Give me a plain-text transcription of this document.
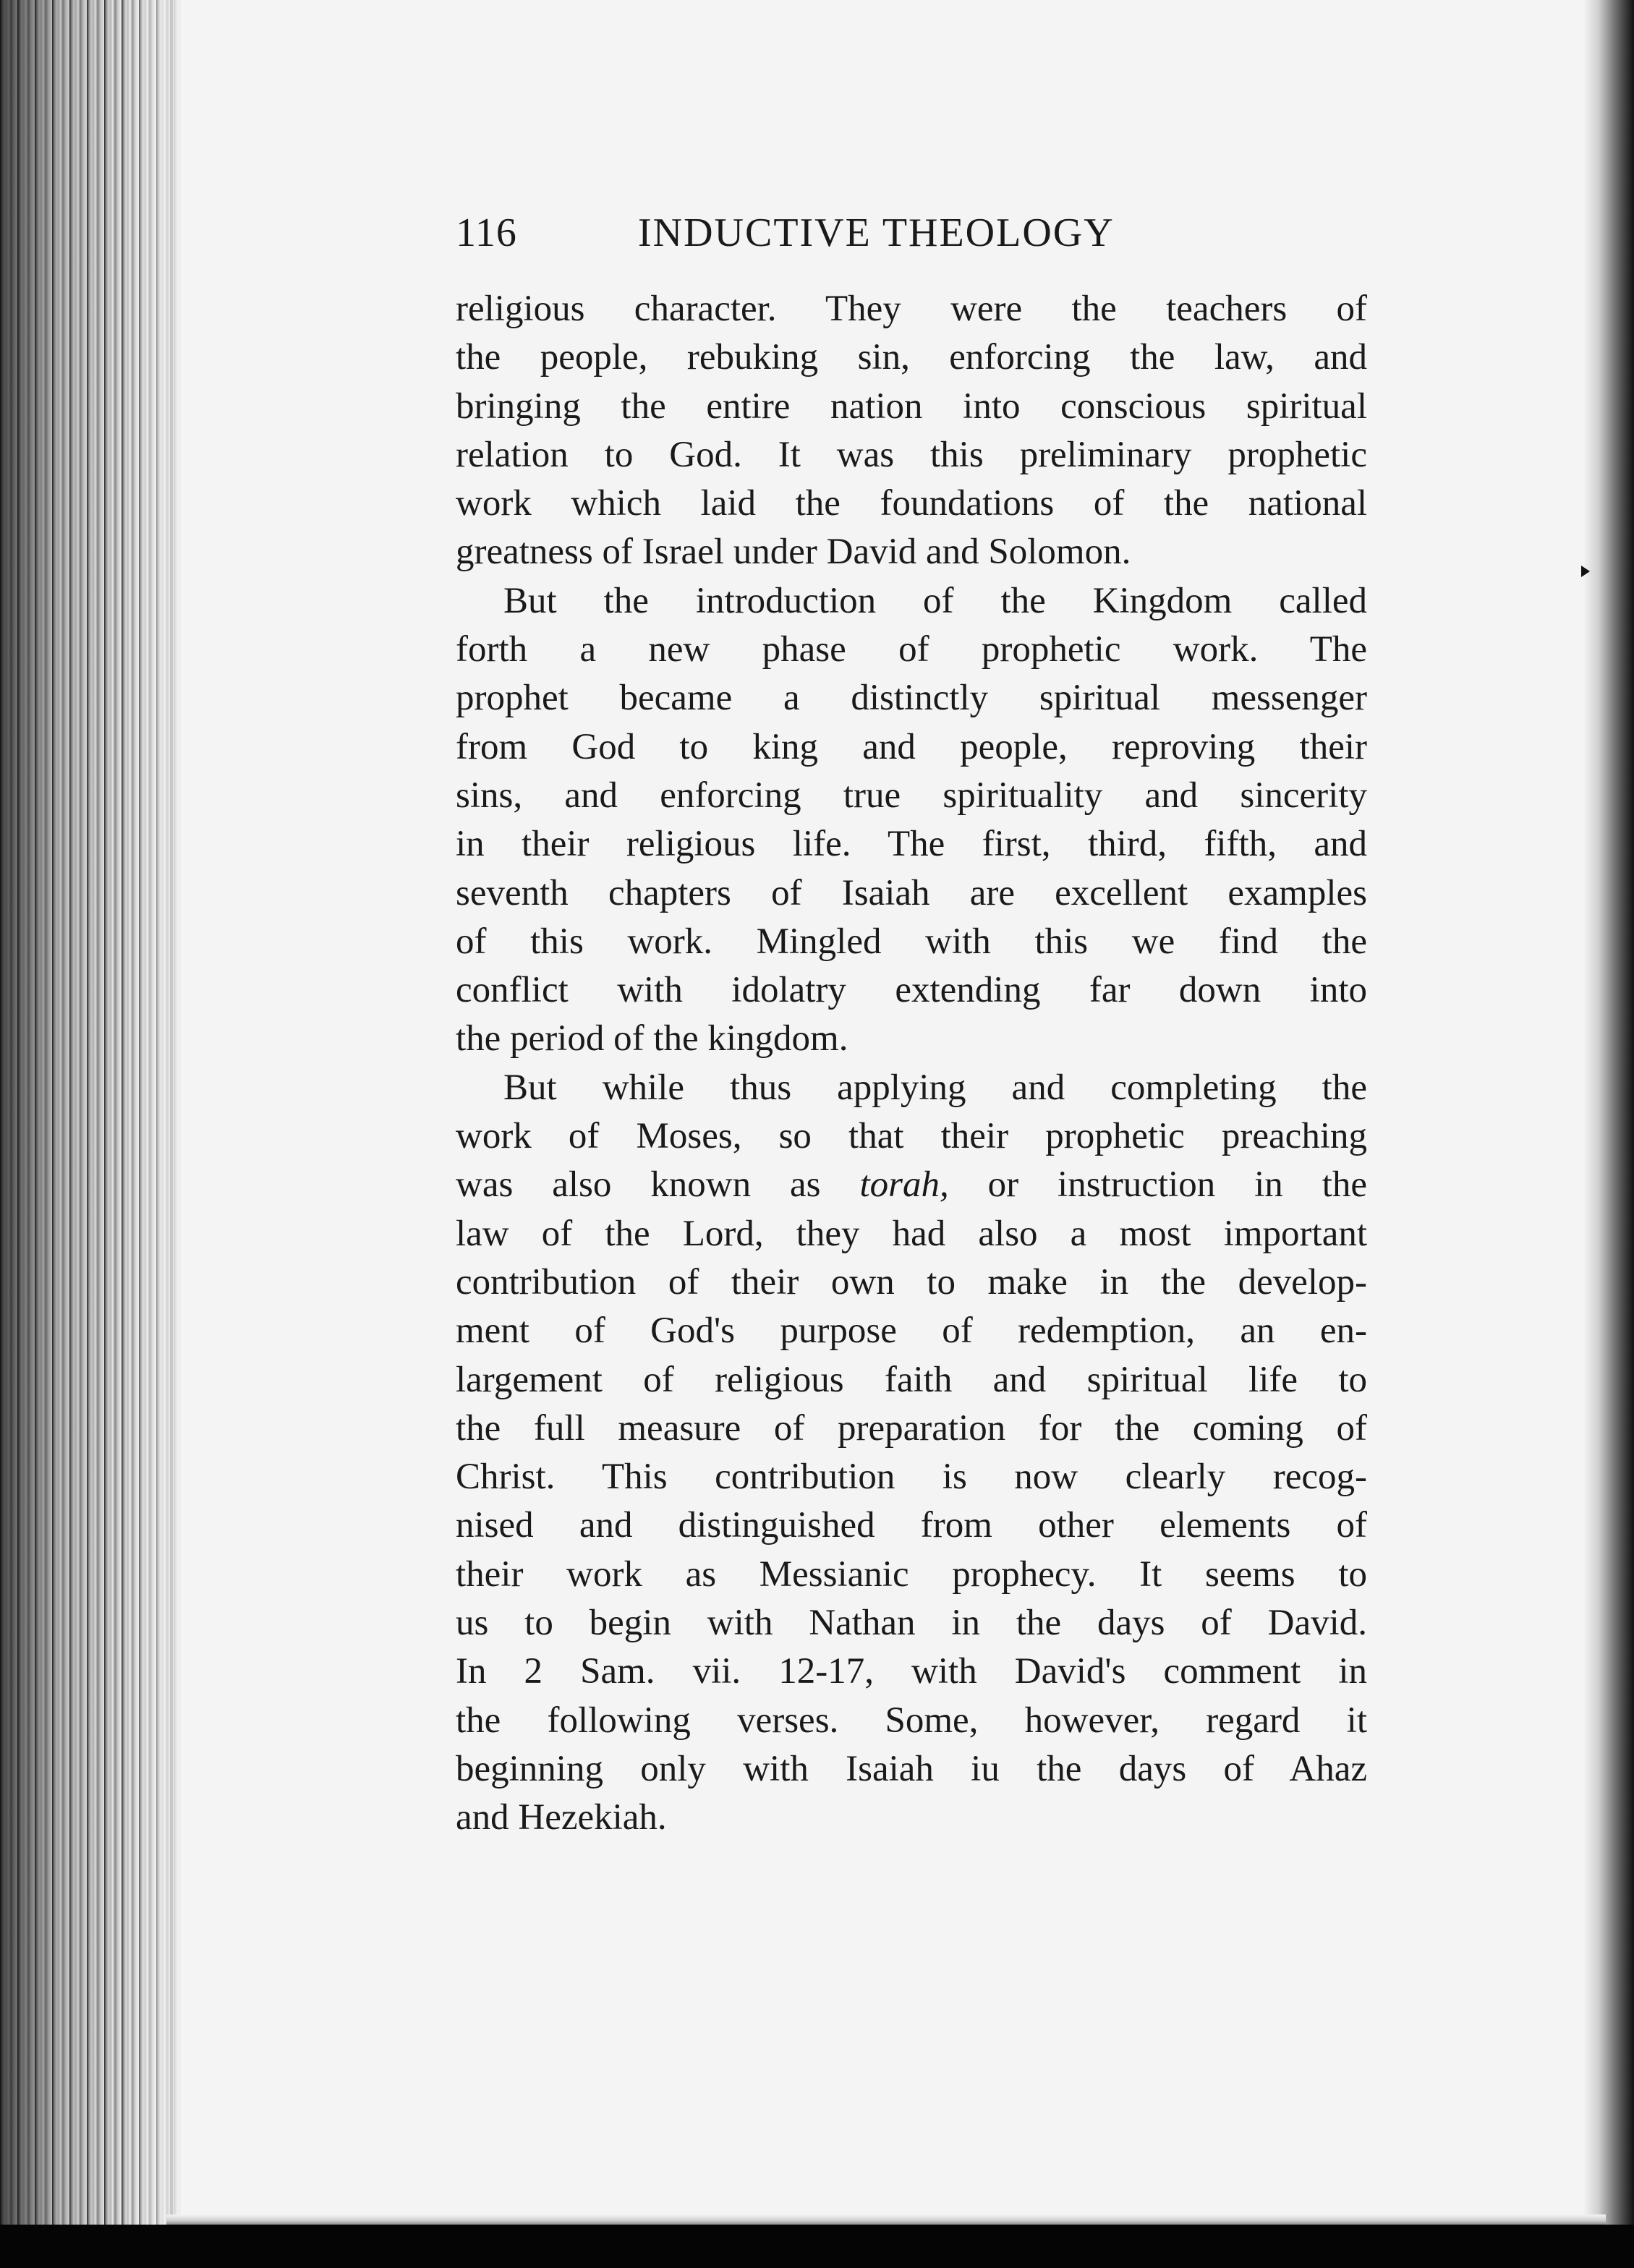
116	INDUCTIVE THEOLOGY
religious character. They were the teachers of
the people, rebuking sin, enforcing the law, and
bringing the entire nation into conscious spiritual
relation to God. It was this preliminary prophetic
work which laid the foundations of the national
greatness of Israel under David and Solomon.
But the introduction of the Kingdom called
forth a new phase of prophetic work. The
prophet became a distinctly spiritual messenger
from God to king and people, reproving their
sins, and enforcing true spirituality and sincerity
in their religious life. The first, third, fifth, and
seventh chapters of Isaiah are excellent examples
of this work. Mingled with this we find the
conflict with idolatry extending far down into
the period of the kingdom.
But while thus applying and completing the
work of Moses, so that their prophetic preaching
was also known as torah, or instruction in the
law of the Lord, they had also a most important
contribution of their own to make in the develop-
ment of God's purpose of redemption, an en-
largement of religious faith and spiritual life to
the full measure of preparation for the coming of
Christ. This contribution is now clearly recog-
nised and distinguished from other elements of
their work as Messianic prophecy. It seems to
us to begin with Nathan in the days of David.
In 2 Sam. vii. 12-17, with David's comment in
the following verses. Some, however, regard it
beginning only with Isaiah iu the days of Ahaz
and Hezekiah.
